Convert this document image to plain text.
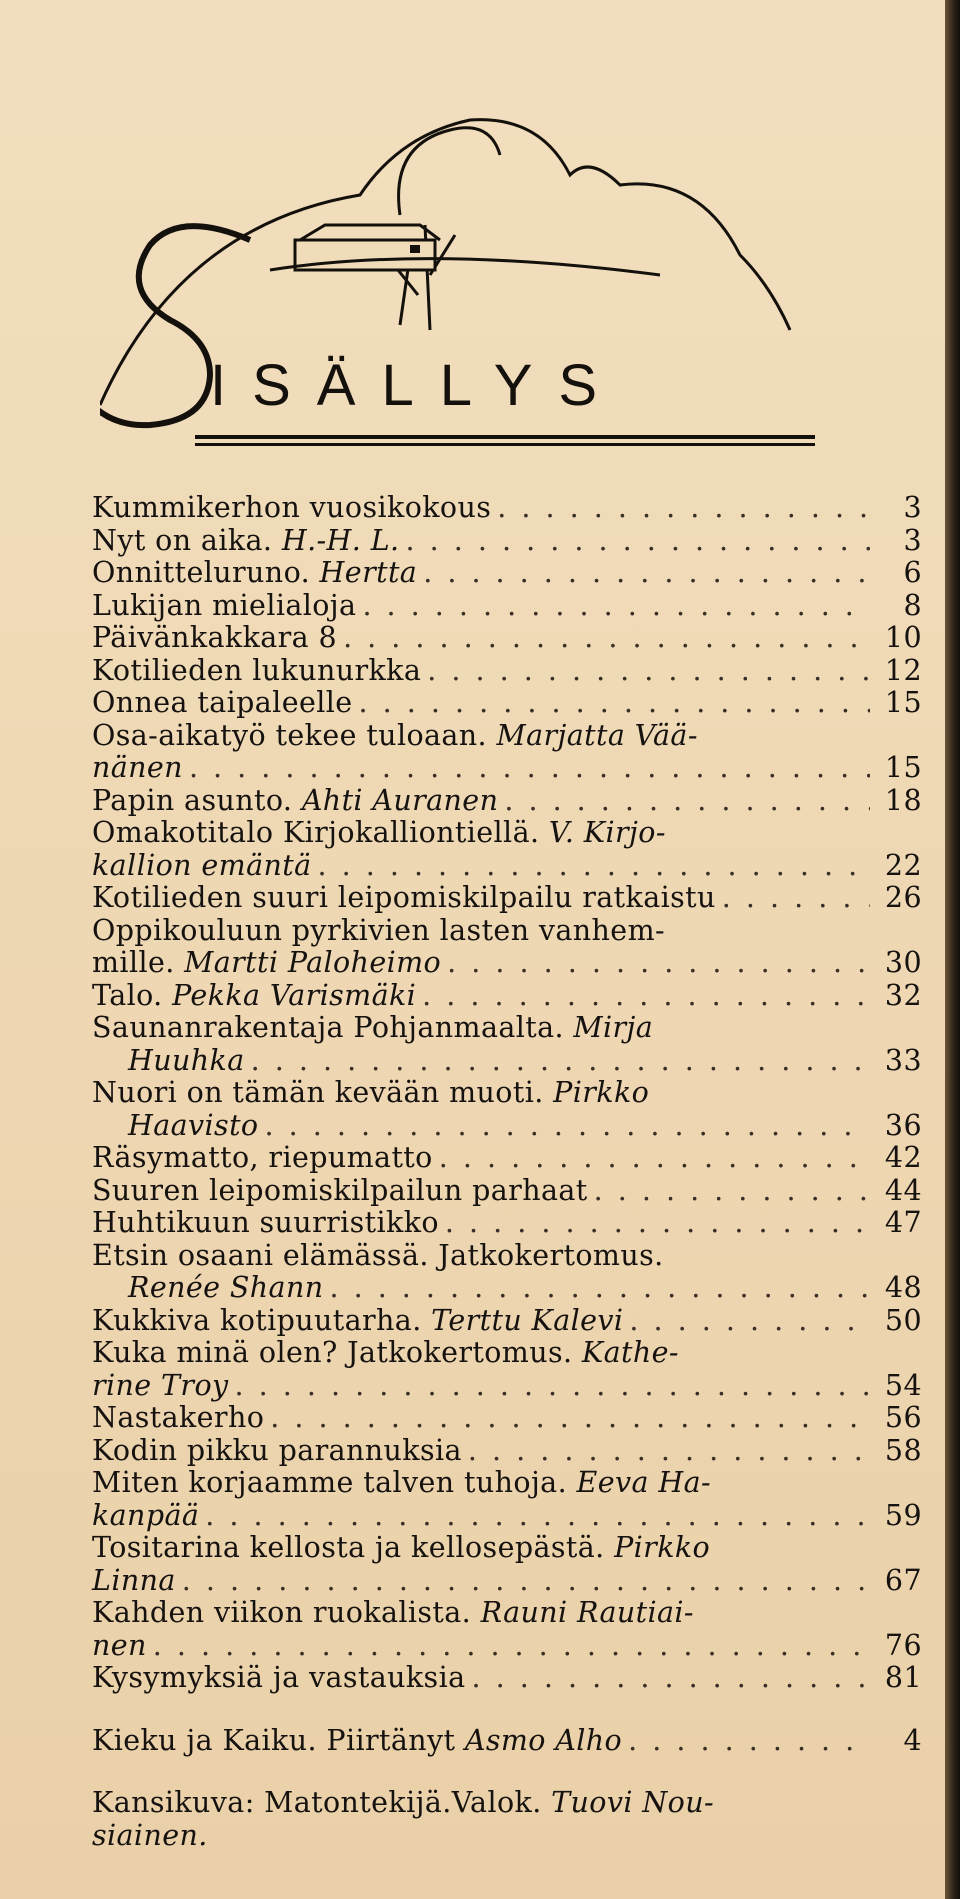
ISÄLLYS
Kummikerhon vuosikokous . . .	3
Nyt on aika. H.-H. L. . . .	3
Onnitteluruno. Hertta . . .	6
Lukijan mielialoja . . .	8
Päivänkakkara 8 . . .	10
Kotilieden lukunurkka . . .	12
Onnea taipaleelle . . .	15
Osa-aikatyö tekee tuloaan. Marjatta Vää-
nänen . . .	15
Papin asunto. Ahti Auranen . . .	18
Omakotitalo Kirjokalliontiellä. V. Kirjo-
kallion emäntä . . .	22
Kotilieden suuri leipomiskilpailu ratkaistu . . .	26
Oppikouluun pyrkivien lasten vanhem-
mille. Martti Paloheimo . . .	30
Talo. Pekka Varismäki . . .	32
Saunanrakentaja Pohjanmaalta. Mirja
Huuhka . . .	33
Nuori on tämän kevään muoti. Pirkko
Haavisto . . .	36
Räsymatto, riepumatto . . .	42
Suuren leipomiskilpailun parhaat . . .	44
Huhtikuun suurristikko . . .	47
Etsin osaani elämässä. Jatkokertomus.
Renée Shann . . .	48
Kukkiva kotipuutarha. Terttu Kalevi . . .	50
Kuka minä olen? Jatkokertomus. Kathe-
rine Troy . . .	54
Nastakerho . . .	56
Kodin pikku parannuksia . . .	58
Miten korjaamme talven tuhoja. Eeva Ha-
kanpää . . .	59
Tositarina kellosta ja kellosepästä. Pirkko
Linna . . .	67
Kahden viikon ruokalista. Rauni Rautiai-
nen . . .	76
Kysymyksiä ja vastauksia . . .	81
Kieku ja Kaiku. Piirtänyt Asmo Alho . . .	4
Kansikuva: Matontekijä.Valok. Tuovi Nou-
siainen.
